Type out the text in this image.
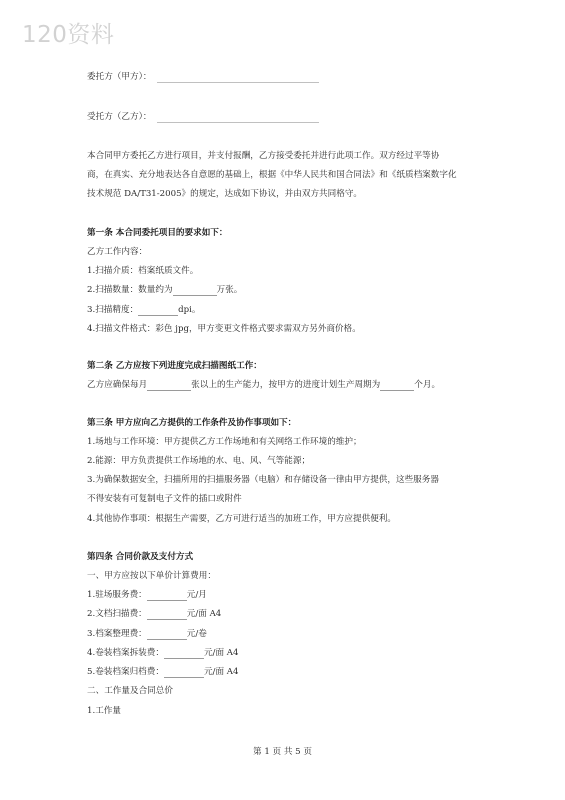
120资料
委托方（甲方）：
受托方（乙方）：
本合同甲方委托乙方进行项目，并支付报酬，乙方接受委托并进行此项工作。双方经过平等协
商，在真实、充分地表达各自意愿的基础上，根据《中华人民共和国合同法》和《纸质档案数字化
技术规范 DA/T31-2005》的规定，达成如下协议，并由双方共同格守。
第一条 本合同委托项目的要求如下：
乙方工作内容：
1.扫描介质：档案纸质文件。
2.扫描数量：数量约为	万张。
3.扫描精度：	dpi。
4.扫描文件格式：彩色 jpg，甲方变更文件格式要求需双方另外商价格。
第二条 乙方应按下列进度完成扫描图纸工作：
乙方应确保每月	张以上的生产能力，按甲方的进度计划生产周期为	个月。
第三条 甲方应向乙方提供的工作条件及协作事项如下：
1.场地与工作环境：甲方提供乙方工作场地和有关网络工作环境的维护；
2.能源：甲方负责提供工作场地的水、电、风、气等能源；
3.为确保数据安全，扫描所用的扫描服务器（电脑）和存储设备一律由甲方提供，这些服务器
不得安装有可复制电子文件的插口或附件
4.其他协作事项：根据生产需要，乙方可进行适当的加班工作，甲方应提供便利。
第四条 合同价款及支付方式
一、甲方应按以下单价计算费用：
1.驻场服务费：	元/月
2.文档扫描费：	元/面 A4
3.档案整理费：	元/卷
4.卷装档案拆装费：	元/面 A4
5.卷装档案归档费：	元/面 A4
二、工作量及合同总价
1.工作量
第 1 页 共 5 页
